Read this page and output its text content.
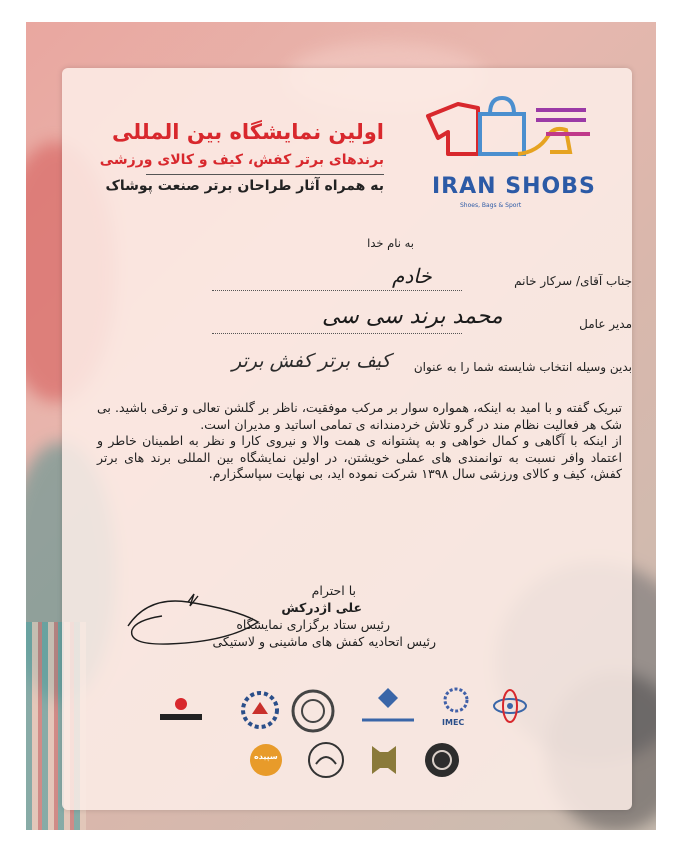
اولین نمایشگاه بین المللی
برندهای برتر کفش، کیف و کالای ورزشی
به همراه آثار طراحان برتر صنعت پوشاک IRAN SHOBS
Shoes, Bags & Sport
به نام خدا
جناب آقای/ سرکار خانم
خادم
مدیر عامل
محمد برند سی سی
بدین وسیله انتخاب شایسته شما را به عنوان
کیف برتر کفش برتر

تبریک گفته و با امید به اینکه، همواره سوار بر مرکب موفقیت، ناظر بر گلشن تعالی و ترقی باشید. بی شک هر فعالیت نظام مند در گرو تلاش خردمندانه ی تمامی اساتید و مدیران است.

از اینکه با آگاهی و کمال خواهی و به پشتوانه ی همت والا و نیروی کارا و نظر به اطمینان خاطر و اعتماد وافر نسبت به توانمندی های عملی خویشتن، در اولین نمایشگاه بین المللی برند های برتر کفش، کیف و کالای ورزشی سال ۱۳۹۸ شرکت نموده اید، بی نهایت سپاسگزارم.

با احترام
علی اژدرکش
رئیس ستاد برگزاری نمایشگاه
رئیس اتحادیه کفش های ماشینی و لاستیکی
IMEC
سپیده
